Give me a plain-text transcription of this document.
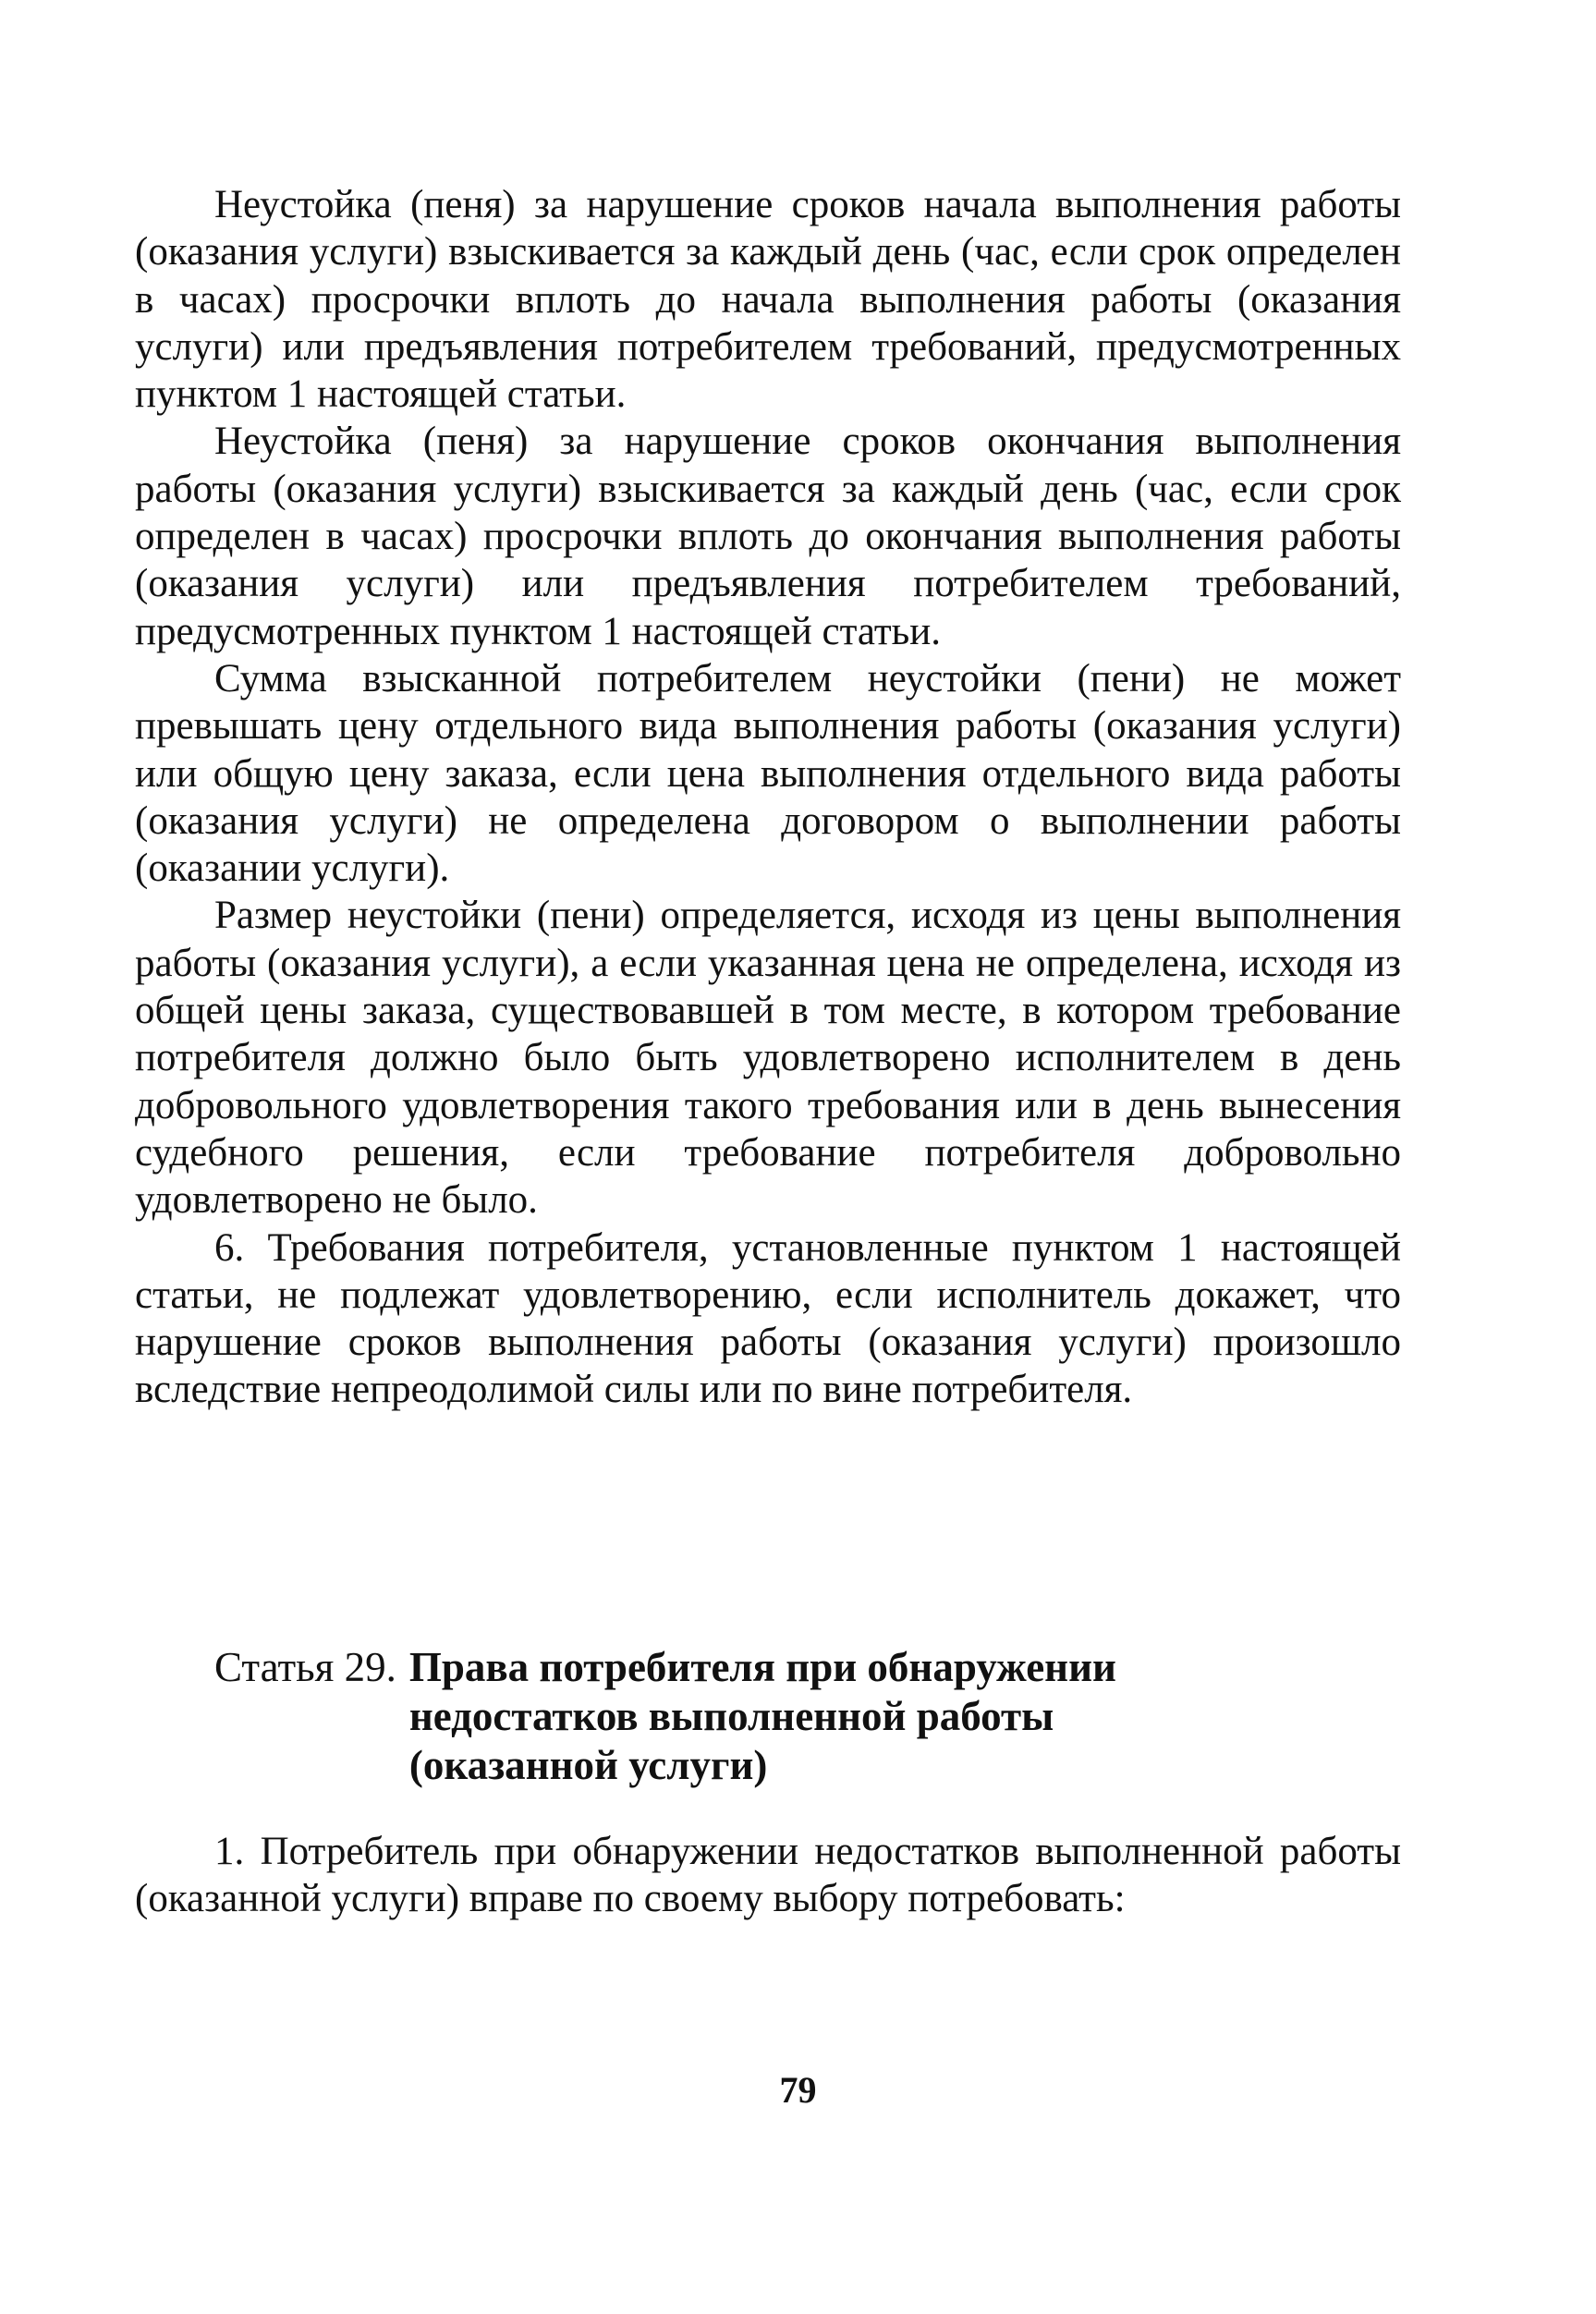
Неустойка (пеня) за нарушение сроков начала выполнения работы (оказания услуги) взыскивается за каждый день (час, если срок определен в часах) просрочки вплоть до начала выполнения работы (оказания услуги) или предъявления потребителем требований, предусмотренных пунктом 1 настоящей статьи.

Неустойка (пеня) за нарушение сроков окончания выполнения работы (оказания услуги) взыскивается за каждый день (час, если срок определен в часах) просрочки вплоть до окончания выполнения работы (оказания услуги) или предъявления потребителем требований, предусмотренных пунктом 1 настоящей статьи.

Сумма взысканной потребителем неустойки (пени) не может превышать цену отдельного вида выполнения работы (оказания услуги) или общую цену заказа, если цена выполнения отдельного вида работы (оказания услуги) не определена договором о выполнении работы (оказании услуги).

Размер неустойки (пени) определяется, исходя из цены выполнения работы (оказания услуги), а если указанная цена не определена, исходя из общей цены заказа, существовавшей в том месте, в котором требование потребителя должно было быть удовлетворено исполнителем в день добровольного удовлетворения такого требования или в день вынесения судебного решения, если требование потребителя добровольно удовлетворено не было.

6. Требования потребителя, установленные пунктом 1 настоящей статьи, не подлежат удовлетворению, если исполнитель докажет, что нарушение сроков выполнения работы (оказания услуги) произошло вследствие непреодолимой силы или по вине потребителя.

Статья 29. Права потребителя при обнаружении недостатков выполненной работы (оказанной услуги)

1. Потребитель при обнаружении недостатков выполненной работы (оказанной услуги) вправе по своему выбору потребовать:

79
